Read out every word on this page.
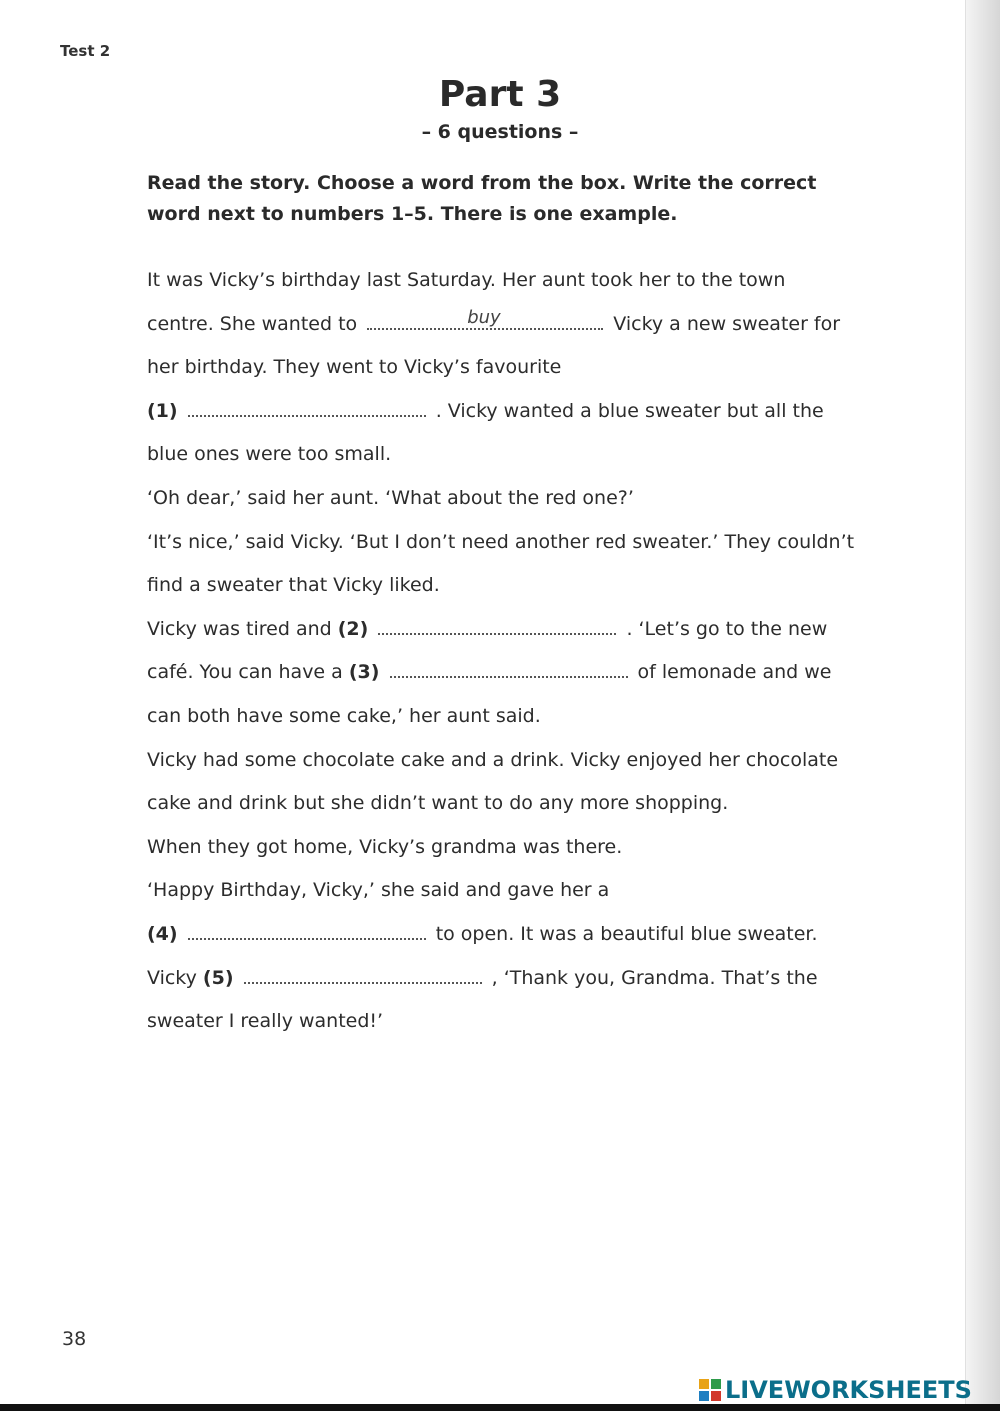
Test 2
Part 3
– 6 questions –
Read the story. Choose a word from the box. Write the correct word next to numbers 1–5. There is one example.
It was Vicky’s birthday last Saturday. Her aunt took her to the town
centre. She wanted to	buy	Vicky a new sweater for
her birthday. They went to Vicky’s favourite
(1)	. Vicky wanted a blue sweater but all the
blue ones were too small.
‘Oh dear,’ said her aunt. ‘What about the red one?’
‘It’s nice,’ said Vicky. ‘But I don’t need another red sweater.’ They couldn’t
find a sweater that Vicky liked.
Vicky was tired and (2)	. ‘Let’s go to the new
café. You can have a (3)	of lemonade and we
can both have some cake,’ her aunt said.
Vicky had some chocolate cake and a drink. Vicky enjoyed her chocolate
cake and drink but she didn’t want to do any more shopping.
When they got home, Vicky’s grandma was there.
‘Happy Birthday, Vicky,’ she said and gave her a
(4)	to open. It was a beautiful blue sweater.
Vicky (5)	, ‘Thank you, Grandma. That’s the
sweater I really wanted!’
38
LIVEWORKSHEETS
